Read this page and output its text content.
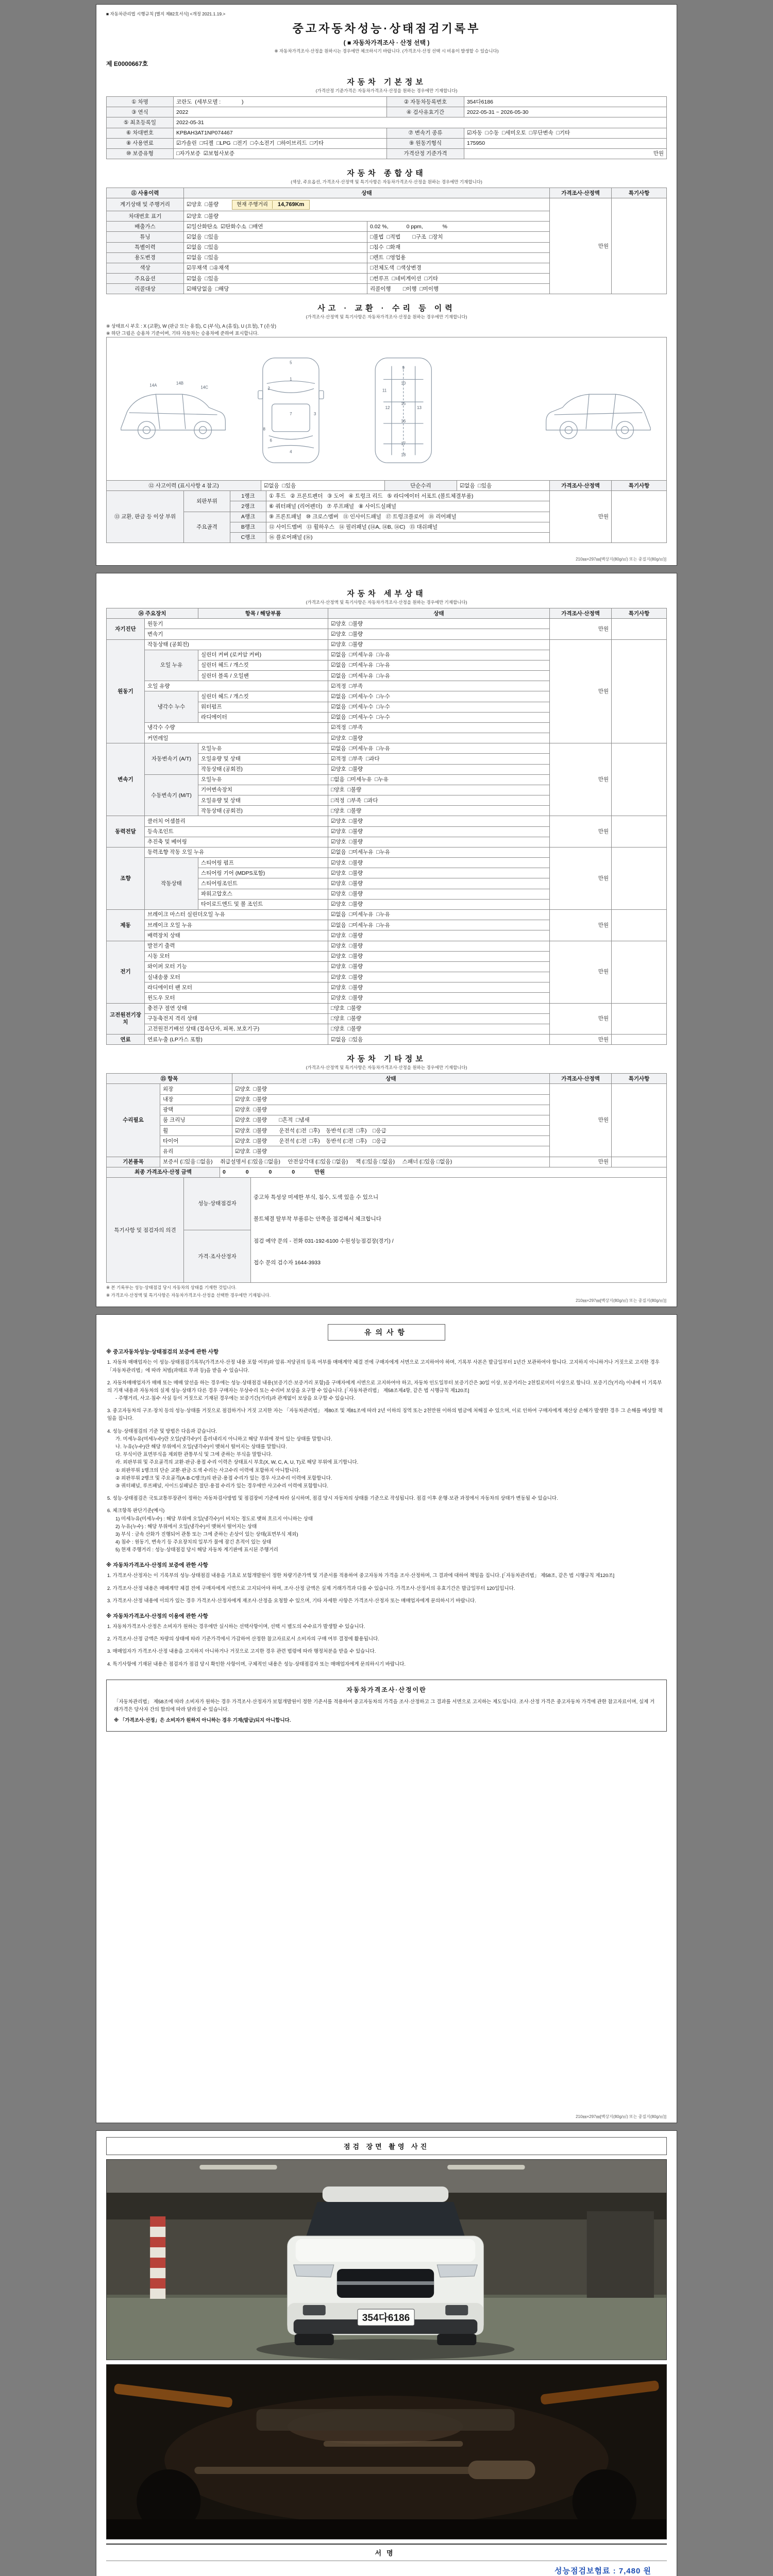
■ 자동차관리법 시행규칙 [별지 제82호서식] <개정 2021.1.19.>
중고자동차성능·상태점검기록부
( ■ 자동차가격조사 · 산정 선택 )
※ 자동차가격조사·산정을 원하시는 경우에만 체크하시기 바랍니다. (가격조사·산정 선택 시 비용이 발생할 수 있습니다)
제 E0000667호
자동차 기본정보
(가격산정 기준가격은 자동차가격조사·산정을 원하는 경우에만 기재합니다)
① 차명	코란도  (세부모델 :              )	② 자동차등록번호	354다6186
③ 연식	2022	④ 검사유효기간	2022-05-31 ~ 2026-05-30
⑤ 최초등록일	2022-05-31		
⑥ 차대번호	KPBAH3AT1NP074467	⑦ 변속기 종류	☑자동  □수동  □세미오토  □무단변속  □기타
⑧ 사용연료	☑가솔린  □디젤  □LPG  □전기  □수소전기  □하이브리드  □기타	⑨ 원동기형식	175950
⑩ 보증유형	□자가보증  ☑보험사보증	가격산정 기준가격	만원
자동차 종합상태
(색상, 주요옵션, 가격조사·산정액 및 특기사항은 자동차가격조사·산정을 원하는 경우에만 기재합니다)
⑪ 사용이력	상태		가격조사·산정액	특기사항
계기상태 및 주행거리	☑양호  □불량 현재 주행거리 14,769Km		만원	
차대번호 표기	☑양호  □불량			
배출가스	☑일산화탄소  ☑탄화수소  □매연	0.02 %,            0 ppm,             %		
튜닝	☑없음  □있음	□불법  □적법        □구조  □장치		
특별이력	☑없음  □있음	□침수  □화재		
용도변경	☑없음  □있음	□렌트  □영업용		
색상	☑무채색  □유채색	□전체도색  □색상변경		
주요옵션	☑없음  □있음	□썬루프  □네비게이션  □기타		
리콜대상	☑해당없음  □해당	리콜이행        □이행  □미이행		
사고 · 교환 · 수리 등 이력
(가격조사·산정액 및 특기사항은 자동차가격조사·산정을 원하는 경우에만 기재합니다)
※ 상태표시 부호 : X (교환), W (판금 또는 용접), C (부식), A (흠집), U (요철), T (손상)
※ 하단 그림은 승용차 기준이며, 기타 자동차는 승용차에 준하여 표시합니다.

1
2
3
4
5
6
7
8
9
10
11
12	13
14A	14B
14C
15
16
17
18

⑫ 사고이력 (표시사항 4 참고)	☑없음  □있음	단순수리	☑없음  □있음	가격조사·산정액	특기사항
⑬ 교환, 판금 등 이상 부위	외판부위	1랭크	① 후드   ② 프론트펜더   ③ 도어   ④ 트렁크 리드   ⑤ 라디에이터 서포트 (볼트체결부품)	만원	
		2랭크	⑥ 쿼터패널 (리어펜더)   ⑦ 루프패널   ⑧ 사이드실패널		
	주요골격	A랭크	⑨ 프론트패널   ⑩ 크로스멤버   ⑪ 인사이드패널   ⑰ 트렁크플로어   ⑱ 리어패널		
		B랭크	⑫ 사이드멤버   ⑬ 휠하우스   ⑭ 필러패널 (⑭A, ⑭B, ⑭C)   ⑮ 대쉬패널		
		C랭크	⑯ 플로어패널 (⑯)		
210㎜×297㎜[백상지(80g/㎡) 또는 중질지(80g/㎡)]
자동차 세부상태
(가격조사·산정액 및 특기사항은 자동차가격조사·산정을 원하는 경우에만 기재합니다)
⑭ 주요장치		항목 / 해당부품	상태	가격조사·산정액	특기사항
자기진단	원동기		☑양호  □불량	만원	
	변속기		☑양호  □불량		
원동기	작동상태 (공회전)		☑양호  □불량	만원	
	오일 누유	실린더 커버 (로커암 커버)	☑없음  □미세누유  □누유		
		실린더 헤드 / 개스킷	☑없음  □미세누유  □누유		
		실린더 블록 / 오일팬	☑없음  □미세누유  □누유		
	오일 유량		☑적정  □부족		
	냉각수 누수	실린더 헤드 / 개스킷	☑없음  □미세누수  □누수		
		워터펌프	☑없음  □미세누수  □누수		
		라디에이터	☑없음  □미세누수  □누수		
	냉각수 수량		☑적정  □부족		
	커먼레일		☑양호  □불량		
변속기	자동변속기 (A/T)	오일누유	☑없음  □미세누유  □누유	만원	
		오일유량 및 상태	☑적정  □부족  □과다		
		작동상태 (공회전)	☑양호  □불량		
	수동변속기 (M/T)	오일누유	□없음  □미세누유  □누유		
		기어변속장치	□양호  □불량		
		오일유량 및 상태	□적정  □부족  □과다		
		작동상태 (공회전)	□양호  □불량		
동력전달	클러치 어셈블리		☑양호  □불량	만원	
	등속조인트		☑양호  □불량		
	추진축 및 베어링		☑양호  □불량		
조향	동력조향 작동 오일 누유		☑없음  □미세누유  □누유	만원	
	작동상태	스티어링 펌프	☑양호  □불량		
		스티어링 기어 (MDPS포함)	☑양호  □불량		
		스티어링조인트	☑양호  □불량		
		파워고압호스	☑양호  □불량		
		타이로드엔드 및 볼 조인트	☑양호  □불량		
제동	브레이크 마스터 실린더오일 누유		☑없음  □미세누유  □누유	만원	
	브레이크 오일 누유		☑없음  □미세누유  □누유		
	배력장치 상태		☑양호  □불량		
전기	발전기 출력		☑양호  □불량	만원	
	시동 모터		☑양호  □불량		
	와이퍼 모터 기능		☑양호  □불량		
	실내송풍 모터		☑양호  □불량		
	라디에이터 팬 모터		☑양호  □불량		
	윈도우 모터		☑양호  □불량		
고전원전기장치	충전구 절연 상태		□양호  □불량	만원	
	구동축전지 격리 상태		□양호  □불량		
	고전원전기배선 상태 (접속단자, 피복, 보호기구)		□양호  □불량		
연료	연료누출 (LP가스 포함)		☑없음  □있음	만원	
자동차 기타정보
(가격조사·산정액 및 특기사항은 자동차가격조사·산정을 원하는 경우에만 기재합니다)
⑮ 항목		상태	가격조사·산정액	특기사항
수리필요	외장	☑양호  □불량	만원	
	내장	☑양호  □불량		
	광택	☑양호  □불량		
	룸 크리닝	☑양호  □불량        □흔적  □냄새		
	휠	☑양호  □불량        운전석 (□전  □후)    동반석 (□전  □후)    □응급		
	타이어	☑양호  □불량        운전석 (□전  □후)    동반석 (□전  □후)    □응급		
	유리	☑양호  □불량		
기본품목	보증서 (□있음 □없음)     취급설명서 (□있음 □없음)     안전삼각대 (□있음 □없음)     잭 (□있음 □없음)     스패너 (□있음 □없음)		만원	
최종 가격조사·산정 금액	0 0 0 0 만원
특기사항 및 점검자의 의견	성능·상태점검자	

중고차 특성상 미세한 부식, 침수, 도색 있을 수 있으니

볼트체결 탈부착 부품류는 안쪽을 점검해서 체크합니다

점검 예약 문의 - 전화 031-192-6100 수원성능점검장(경기) /

접수 문의 검수자 1644-3933

가격·조사산정자
※ 본 기록부는 성능·상태점검 당시 자동차의 상태를 기재한 것입니다.
※ 가격조사·산정액 및 특기사항은 자동차가격조사·산정을 선택한 경우에만 기재됩니다.
210㎜×297㎜[백상지(80g/㎡) 또는 중질지(80g/㎡)]
유의사항
※ 중고자동차성능·상태점검의 보증에 관한 사항
1. 자동차 매매업자는 이 성능·상태점검기록부(가격조사·산정 내용 포함 여부)와 압류·저당권의 등록 여부를 매매계약 체결 전에 구매자에게 서면으로 고지하여야 하며, 기록부 사본은 발급일부터 1년간 보관하여야 합니다. 고지하지 아니하거나 거짓으로 고지한 경우 「자동차관리법」에 따라 처벌(과태료 부과 등)을 받을 수 있습니다.
2. 자동차매매업자가 매매 또는 매매 알선을 하는 경우에는 성능·상태점검 내용(보증기간·보증거리 포함)을 구매자에게 서면으로 고지하여야 하고, 자동차 인도일부터 보증기간은 30일 이상, 보증거리는 2천킬로미터 이상으로 합니다. 보증기간(거리) 이내에 이 기록부의 기재 내용과 자동차의 실제 성능·상태가 다른 경우 구매자는 무상수리 또는 수리비 보상을 요구할 수 있습니다. [「자동차관리법」 제58조제4항, 같은 법 시행규칙 제120조]
- 주행거리, 사고·침수 사실 등이 거짓으로 기재된 경우에는 보증기간(거리)과 관계없이 보상을 요구할 수 있습니다.
3. 중고자동차의 구조·장치 등의 성능·상태를 거짓으로 점검하거나 거짓 고지한 자는 「자동차관리법」 제80조 및 제81조에 따라 2년 이하의 징역 또는 2천만원 이하의 벌금에 처해질 수 있으며, 이로 인하여 구매자에게 재산상 손해가 발생한 경우 그 손해를 배상할 책임을 집니다.
4. 성능·상태점검의 기준 및 방법은 다음과 같습니다.
가. 미세누유(미세누수)란 오일(냉각수)이 흘러내리지 아니하고 해당 부위에 젖어 있는 상태를 말합니다.
나. 누유(누수)란 해당 부위에서 오일(냉각수)이 맺혀서 떨어지는 상태를 말합니다.
다. 부식이란 표면부식을 제외한 관통부식 및 그에 준하는 부식을 말합니다.
라. 외판부위 및 주요골격의 교환·판금·용접 수리 이력은 상태표시 부호(X, W, C, A, U, T)로 해당 부위에 표기합니다.
① 외판부위 1랭크의 단순 교환·판금·도색 수리는 사고수리 이력에 포함하지 아니합니다.
② 외판부위 2랭크 및 주요골격(A·B·C랭크)의 판금·용접 수리가 있는 경우 사고수리 이력에 포함합니다.
③ 쿼터패널, 루프패널, 사이드실패널은 절단·용접 수리가 있는 경우에만 사고수리 이력에 포함합니다.
5. 성능·상태점검은 국토교통부장관이 정하는 자동차검사방법 및 점검장비 기준에 따라 실시하며, 점검 당시 자동차의 상태를 기준으로 작성됩니다. 점검 이후 운행·보관 과정에서 자동차의 상태가 변동될 수 있습니다.
6. 체크항목 판단기준(예시)
1) 미세누유(미세누수) : 해당 부위에 오일(냉각수)이 비치는 정도로 맺혀 흐르지 아니하는 상태
2) 누유(누수) : 해당 부위에서 오일(냉각수)이 맺혀서 떨어지는 상태
3) 부식 : 금속 산화가 진행되어 관통 또는 그에 준하는 손상이 있는 상태(표면부식 제외)
4) 침수 : 원동기, 변속기 등 주요장치의 일부가 물에 잠긴 흔적이 있는 상태
5) 현재 주행거리 : 성능·상태점검 당시 해당 자동차 계기판에 표시된 주행거리
※ 자동차가격조사·산정의 보증에 관한 사항
1. 가격조사·산정자는 이 기록부의 성능·상태점검 내용을 기초로 보험개발원이 정한 차량기준가액 및 기준서를 적용하여 중고자동차 가격을 조사·산정하며, 그 결과에 대하여 책임을 집니다. [「자동차관리법」 제58조, 같은 법 시행규칙 제120조]
2. 가격조사·산정 내용은 매매계약 체결 전에 구매자에게 서면으로 고지되어야 하며, 조사·산정 금액은 실제 거래가격과 다를 수 있습니다. 가격조사·산정서의 유효기간은 발급일부터 120일입니다.
3. 가격조사·산정 내용에 이의가 있는 경우 가격조사·산정자에게 재조사·산정을 요청할 수 있으며, 기타 자세한 사항은 가격조사·산정자 또는 매매업자에게 문의하시기 바랍니다.
※ 자동차가격조사·산정의 이용에 관한 사항
1. 자동차가격조사·산정은 소비자가 원하는 경우에만 실시하는 선택사항이며, 선택 시 별도의 수수료가 발생할 수 있습니다.
2. 가격조사·산정 금액은 차량의 상태에 따라 기준가격에서 가감하여 산정한 참고자료로서 소비자의 구매 여부 결정에 활용됩니다.
3. 매매업자가 가격조사·산정 내용을 고지하지 아니하거나 거짓으로 고지한 경우 관련 법령에 따라 행정처분을 받을 수 있습니다.
4. 특기사항에 기재된 내용은 점검자가 점검 당시 확인한 사항이며, 구체적인 내용은 성능·상태점검자 또는 매매업자에게 문의하시기 바랍니다.
자동차가격조사·산정이란
「자동차관리법」 제58조에 따라 소비자가 원하는 경우 가격조사·산정자가 보험개발원이 정한 기준서를 적용하여 중고자동차의 가격을 조사·산정하고 그 결과를 서면으로 고지하는 제도입니다. 조사·산정 가격은 중고자동차 가격에 관한 참고자료이며, 실제 거래가격은 당사자 간의 합의에 따라 달라질 수 있습니다.
※ 「가격조사·산정」은 소비자가 원하지 아니하는 경우 기재(발급)되지 아니합니다.
210㎜×297㎜[백상지(80g/㎡) 또는 중질지(80g/㎡)]
점검 장면 촬영 사진
354다6186
서명
성능점검보험료 : 7,480 원
